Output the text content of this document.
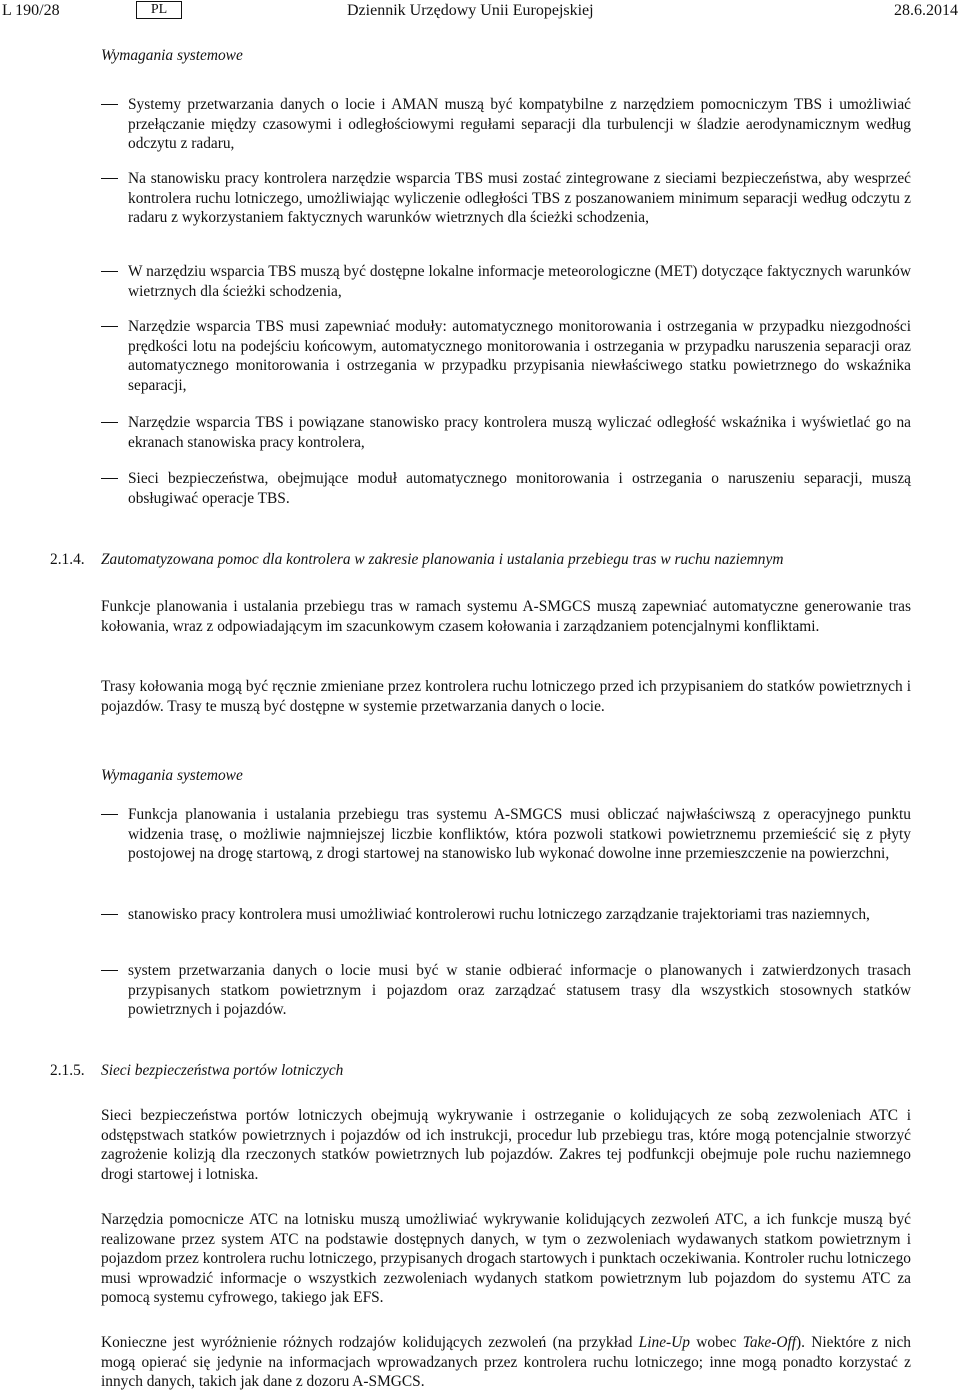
L 190/28	PL	Dziennik Urzędowy Unii Europejskiej	28.6.2014
Wymagania systemowe
Systemy przetwarzania danych o locie i AMAN muszą być kompatybilne z narzędziem pomocniczym TBS i umożliwiać przełączanie między czasowymi i odległościowymi regułami separacji dla turbulencji w śladzie aerodynamicznym według odczytu z radaru,
Na stanowisku pracy kontrolera narzędzie wsparcia TBS musi zostać zintegrowane z sieciami bezpieczeństwa, aby wesprzeć kontrolera ruchu lotniczego, umożliwiając wyliczenie odległości TBS z poszanowaniem minimum separacji według odczytu z radaru z wykorzystaniem faktycznych warunków wietrznych dla ścieżki schodzenia,
W narzędziu wsparcia TBS muszą być dostępne lokalne informacje meteorologiczne (MET) dotyczące faktycznych warunków wietrznych dla ścieżki schodzenia,
Narzędzie wsparcia TBS musi zapewniać moduły: automatycznego monitorowania i ostrzegania w przypadku niezgodności prędkości lotu na podejściu końcowym, automatycznego monitorowania i ostrzegania w przypadku naruszenia separacji oraz automatycznego monitorowania i ostrzegania w przypadku przypisania niewłaściwego statku powietrznego do wskaźnika separacji,
Narzędzie wsparcia TBS i powiązane stanowisko pracy kontrolera muszą wyliczać odległość wskaźnika i wyświetlać go na ekranach stanowiska pracy kontrolera,
Sieci bezpieczeństwa, obejmujące moduł automatycznego monitorowania i ostrzegania o naruszeniu separacji, muszą obsługiwać operacje TBS.
2.1.4. Zautomatyzowana pomoc dla kontrolera w zakresie planowania i ustalania przebiegu tras w ruchu naziemnym
Funkcje planowania i ustalania przebiegu tras w ramach systemu A-SMGCS muszą zapewniać automatyczne generowanie tras kołowania, wraz z odpowiadającym im szacunkowym czasem kołowania i zarządzaniem potencjalnymi konfliktami.
Trasy kołowania mogą być ręcznie zmieniane przez kontrolera ruchu lotniczego przed ich przypisaniem do statków powietrznych i pojazdów. Trasy te muszą być dostępne w systemie przetwarzania danych o locie.
Wymagania systemowe
Funkcja planowania i ustalania przebiegu tras systemu A-SMGCS musi obliczać najwłaściwszą z operacyjnego punktu widzenia trasę, o możliwie najmniejszej liczbie konfliktów, która pozwoli statkowi powietrznemu przemieścić się z płyty postojowej na drogę startową, z drogi startowej na stanowisko lub wykonać dowolne inne przemieszczenie na powierzchni,
stanowisko pracy kontrolera musi umożliwiać kontrolerowi ruchu lotniczego zarządzanie trajektoriami tras naziemnych,
system przetwarzania danych o locie musi być w stanie odbierać informacje o planowanych i zatwierdzonych trasach przypisanych statkom powietrznym i pojazdom oraz zarządzać statusem trasy dla wszystkich stosownych statków powietrznych i pojazdów.
2.1.5. Sieci bezpieczeństwa portów lotniczych
Sieci bezpieczeństwa portów lotniczych obejmują wykrywanie i ostrzeganie o kolidujących ze sobą zezwoleniach ATC i odstępstwach statków powietrznych i pojazdów od ich instrukcji, procedur lub przebiegu tras, które mogą potencjalnie stworzyć zagrożenie kolizją dla rzeczonych statków powietrznych lub pojazdów. Zakres tej podfunkcji obejmuje pole ruchu naziemnego drogi startowej i lotniska.
Narzędzia pomocnicze ATC na lotnisku muszą umożliwiać wykrywanie kolidujących zezwoleń ATC, a ich funkcje muszą być realizowane przez system ATC na podstawie dostępnych danych, w tym o zezwoleniach wydawanych statkom powietrznym i pojazdom przez kontrolera ruchu lotniczego, przypisanych drogach startowych i punktach oczekiwania. Kontroler ruchu lotniczego musi wprowadzić informacje o wszystkich zezwoleniach wydanych statkom powietrznym lub pojazdom do systemu ATC za pomocą systemu cyfrowego, takiego jak EFS.
Konieczne jest wyróżnienie różnych rodzajów kolidujących zezwoleń (na przykład Line-Up wobec Take-Off). Niektóre z nich mogą opierać się jedynie na informacjach wprowadzanych przez kontrolera ruchu lotniczego; inne mogą ponadto korzystać z innych danych, takich jak dane z dozoru A-SMGCS.
